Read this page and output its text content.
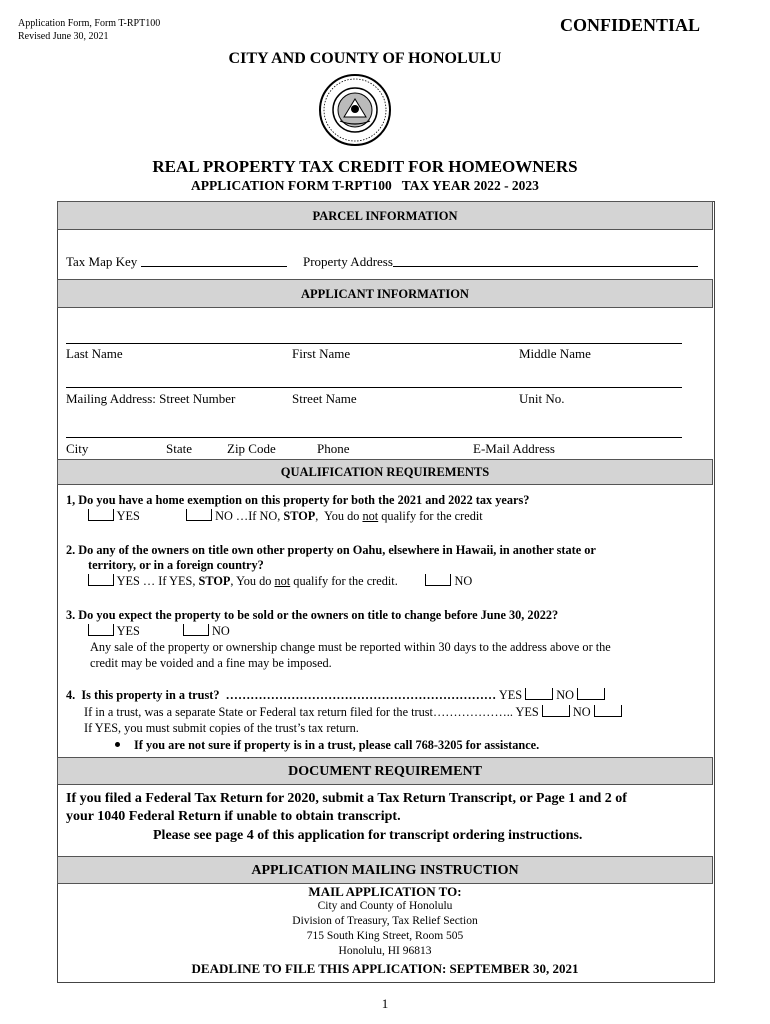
Application Form, Form T-RPT100
Revised June 30, 2021
CONFIDENTIAL
CITY AND COUNTY OF HONOLULU
REAL PROPERTY TAX CREDIT FOR HOMEOWNERS
APPLICATION FORM T-RPT100   TAX YEAR 2022 - 2023
PARCEL INFORMATION
Tax Map Key	Property Address
APPLICANT INFORMATION
Last Name	First Name	Middle Name
Mailing Address: Street Number	Street Name	Unit No.
City	State	Zip Code	Phone	E-Mail Address
QUALIFICATION REQUIREMENTS
1, Do you have a home exemption on this property for both the 2021 and 2022 tax years?
YES	NO …If NO, STOP,  You do not qualify for the credit
2. Do any of the owners on title own other property on Oahu, elsewhere in Hawaii, in another state or
territory, or in a foreign country?
YES … If YES, STOP, You do not qualify for the credit.	NO
3. Do you expect the property to be sold or the owners on title to change before June 30, 2022?
YES	NO
Any sale of the property or ownership change must be reported within 30 days to the address above or the
credit may be voided and a fine may be imposed.
4.  Is this property in a trust?  ………………………………………………………… YES	NO
If in a trust, was a separate State or Federal tax return filed for the trust……………….. YES	NO
If YES, you must submit copies of the trust’s tax return.
If you are not sure if property is in a trust, please call 768-3205 for assistance.
DOCUMENT REQUIREMENT
If you filed a Federal Tax Return for 2020, submit a Tax Return Transcript, or Page 1 and 2 of
your 1040 Federal Return if unable to obtain transcript.
Please see page 4 of this application for transcript ordering instructions.
APPLICATION MAILING INSTRUCTION
MAIL APPLICATION TO:
City and County of Honolulu
Division of Treasury, Tax Relief Section
715 South King Street, Room 505
Honolulu, HI 96813
DEADLINE TO FILE THIS APPLICATION: SEPTEMBER 30, 2021
1
